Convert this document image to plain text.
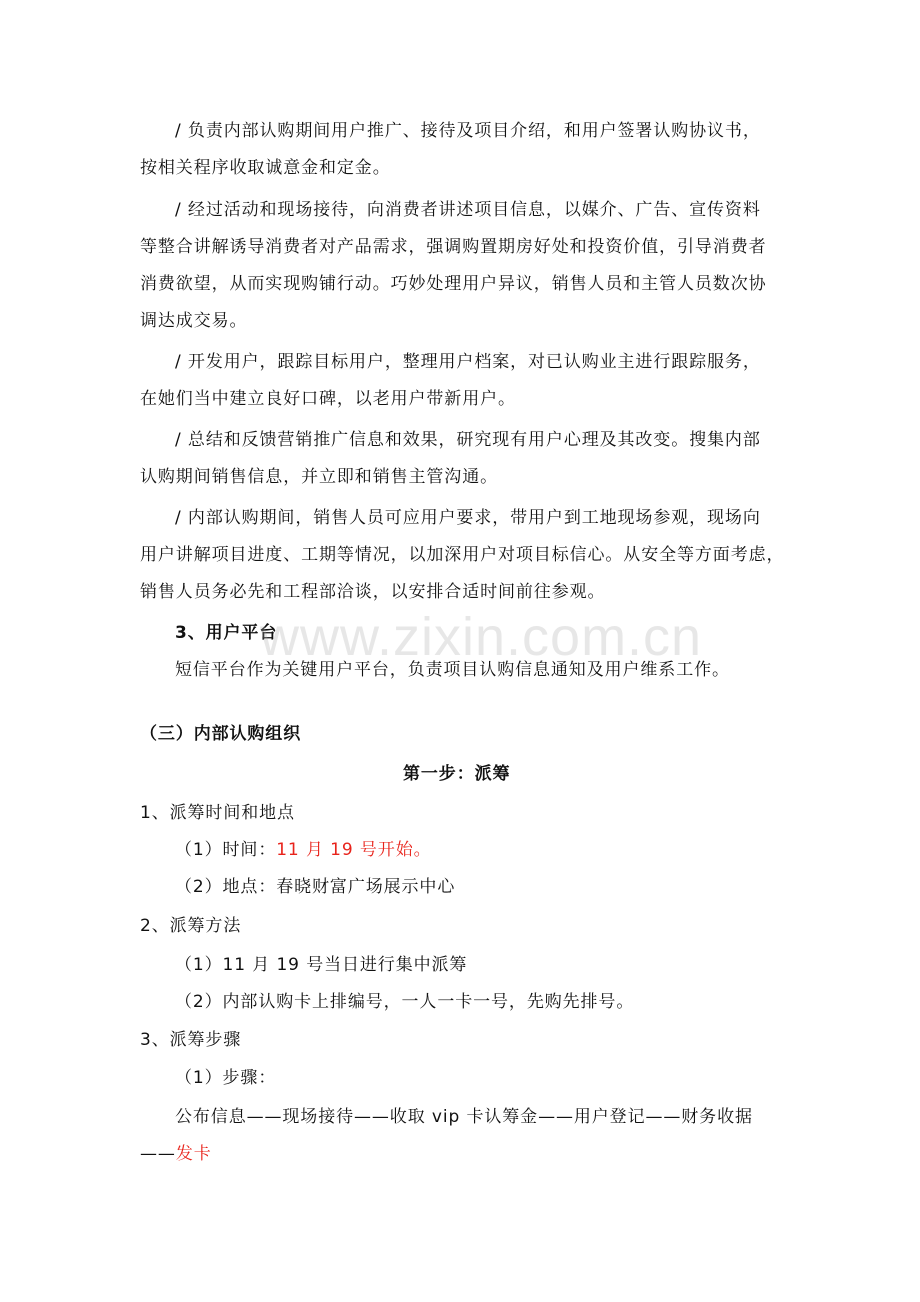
/ 负责内部认购期间用户推广、接待及项目介绍，和用户签署认购协议书，
按相关程序收取诚意金和定金。
/ 经过活动和现场接待，向消费者讲述项目信息，以媒介、广告、宣传资料
等整合讲解诱导消费者对产品需求，强调购置期房好处和投资价值，引导消费者
消费欲望，从而实现购铺行动。巧妙处理用户异议，销售人员和主管人员数次协
调达成交易。
/ 开发用户，跟踪目标用户，整理用户档案，对已认购业主进行跟踪服务，
在她们当中建立良好口碑，以老用户带新用户。
/ 总结和反馈营销推广信息和效果，研究现有用户心理及其改变。搜集内部
认购期间销售信息，并立即和销售主管沟通。
/ 内部认购期间，销售人员可应用户要求，带用户到工地现场参观，现场向
用户讲解项目进度、工期等情况，以加深用户对项目标信心。从安全等方面考虑，
销售人员务必先和工程部洽谈，以安排合适时间前往参观。
3、用户平台
短信平台作为关键用户平台，负责项目认购信息通知及用户维系工作。
（三）内部认购组织
第一步：派筹
1、派筹时间和地点
（1）时间：11 月 19 号开始。
（2）地点：春晓财富广场展示中心
2、派筹方法
（1）11 月 19 号当日进行集中派筹
（2）内部认购卡上排编号，一人一卡一号，先购先排号。
3、派筹步骤
（1）步骤：
公布信息——现场接待——收取 vip 卡认筹金——用户登记——财务收据
——发卡
www.zixin.com.cn
